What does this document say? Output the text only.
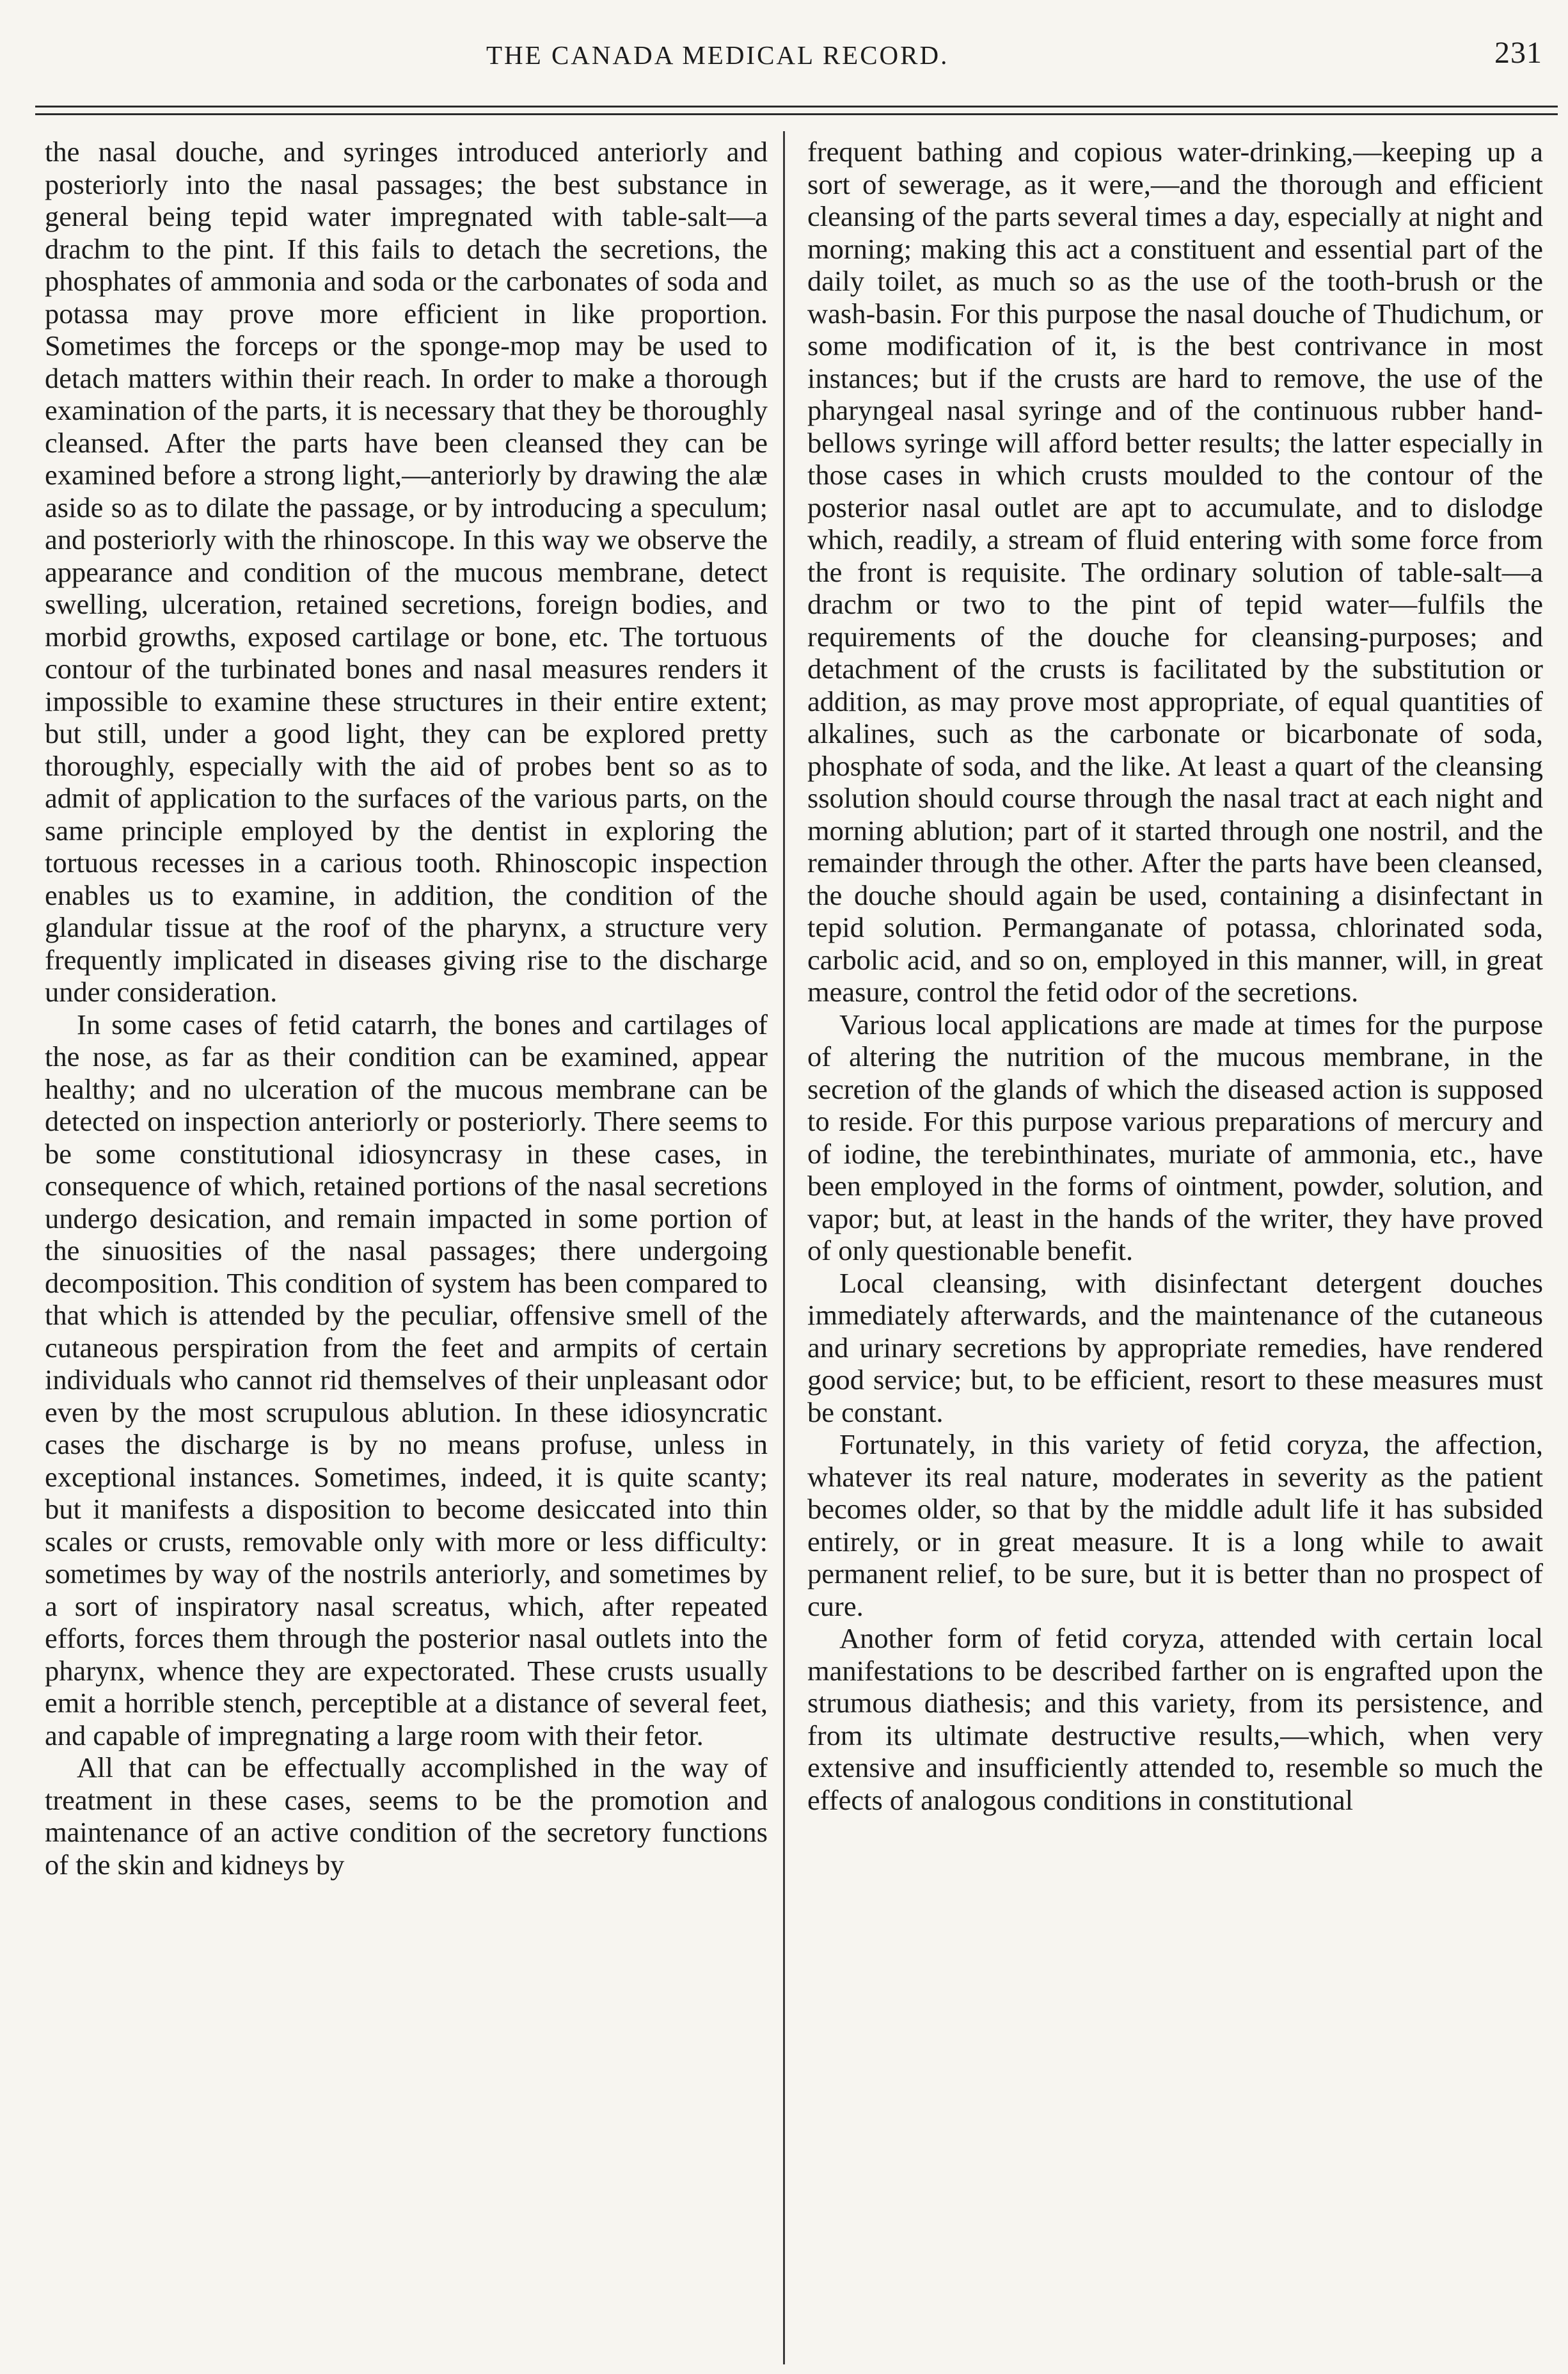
THE CANADA MEDICAL RECORD.	231

the nasal douche, and syringes introduced anteriorly and posteriorly into the nasal passages; the best substance in general being tepid water impregnated with table-salt—a drachm to the pint. If this fails to detach the secretions, the phosphates of ammonia and soda or the carbonates of soda and potassa may prove more efficient in like proportion. Sometimes the forceps or the sponge-mop may be used to detach matters within their reach. In order to make a thorough examination of the parts, it is necessary that they be thoroughly cleansed. After the parts have been cleansed they can be examined before a strong light,—anteriorly by drawing the alæ aside so as to dilate the passage, or by introducing a speculum; and posteriorly with the rhinoscope. In this way we observe the appearance and condition of the mucous membrane, detect swelling, ulceration, retained secretions, foreign bodies, and morbid growths, exposed cartilage or bone, etc. The tortuous contour of the turbinated bones and nasal measures renders it impossible to examine these structures in their entire extent; but still, under a good light, they can be explored pretty thoroughly, especially with the aid of probes bent so as to admit of application to the surfaces of the various parts, on the same principle employed by the dentist in exploring the tortuous recesses in a carious tooth. Rhinoscopic inspection enables us to examine, in addition, the condition of the glandular tissue at the roof of the pharynx, a structure very frequently implicated in diseases giving rise to the discharge under consideration.

In some cases of fetid catarrh, the bones and cartilages of the nose, as far as their condition can be examined, appear healthy; and no ulceration of the mucous membrane can be detected on inspection anteriorly or posteriorly. There seems to be some constitutional idiosyncrasy in these cases, in consequence of which, retained portions of the nasal secretions undergo desication, and remain impacted in some portion of the sinuosities of the nasal passages; there undergoing decomposition. This condition of system has been compared to that which is attended by the peculiar, offensive smell of the cutaneous perspiration from the feet and armpits of certain individuals who cannot rid themselves of their unpleasant odor even by the most scrupulous ablution. In these idiosyncratic cases the discharge is by no means profuse, unless in exceptional instances. Sometimes, indeed, it is quite scanty; but it manifests a disposition to become desiccated into thin scales or crusts, removable only with more or less difficulty: sometimes by way of the nostrils anteriorly, and sometimes by a sort of inspiratory nasal screatus, which, after repeated efforts, forces them through the posterior nasal outlets into the pharynx, whence they are expectorated. These crusts usually emit a horrible stench, perceptible at a distance of several feet, and capable of impregnating a large room with their fetor.

All that can be effectually accomplished in the way of treatment in these cases, seems to be the promotion and maintenance of an active condition of the secretory functions of the skin and kidneys by

frequent bathing and copious water-drinking,—keeping up a sort of sewerage, as it were,—and the thorough and efficient cleansing of the parts several times a day, especially at night and morning; making this act a constituent and essential part of the daily toilet, as much so as the use of the tooth-brush or the wash-basin. For this purpose the nasal douche of Thudichum, or some modification of it, is the best contrivance in most instances; but if the crusts are hard to remove, the use of the pharyngeal nasal syringe and of the continuous rubber hand-bellows syringe will afford better results; the latter especially in those cases in which crusts moulded to the contour of the posterior nasal outlet are apt to accumulate, and to dislodge which, readily, a stream of fluid entering with some force from the front is requisite. The ordinary solution of table-salt—a drachm or two to the pint of tepid water—fulfils the requirements of the douche for cleansing-purposes; and detachment of the crusts is facilitated by the substitution or addition, as may prove most appropriate, of equal quantities of alkalines, such as the carbonate or bicarbonate of soda, phosphate of soda, and the like. At least a quart of the cleansing ssolution should course through the nasal tract at each night and morning ablution; part of it started through one nostril, and the remainder through the other. After the parts have been cleansed, the douche should again be used, containing a disinfectant in tepid solution. Permanganate of potassa, chlorinated soda, carbolic acid, and so on, employed in this manner, will, in great measure, control the fetid odor of the secretions.

Various local applications are made at times for the purpose of altering the nutrition of the mucous membrane, in the secretion of the glands of which the diseased action is supposed to reside. For this purpose various preparations of mercury and of iodine, the terebinthinates, muriate of ammonia, etc., have been employed in the forms of ointment, powder, solution, and vapor; but, at least in the hands of the writer, they have proved of only questionable benefit.

Local cleansing, with disinfectant detergent douches immediately afterwards, and the maintenance of the cutaneous and urinary secretions by appropriate remedies, have rendered good service; but, to be efficient, resort to these measures must be constant.

Fortunately, in this variety of fetid coryza, the affection, whatever its real nature, moderates in severity as the patient becomes older, so that by the middle adult life it has subsided entirely, or in great measure. It is a long while to await permanent relief, to be sure, but it is better than no prospect of cure.

Another form of fetid coryza, attended with certain local manifestations to be described farther on is engrafted upon the strumous diathesis; and this variety, from its persistence, and from its ultimate destructive results,—which, when very extensive and insufficiently attended to, resemble so much the effects of analogous conditions in constitutional
